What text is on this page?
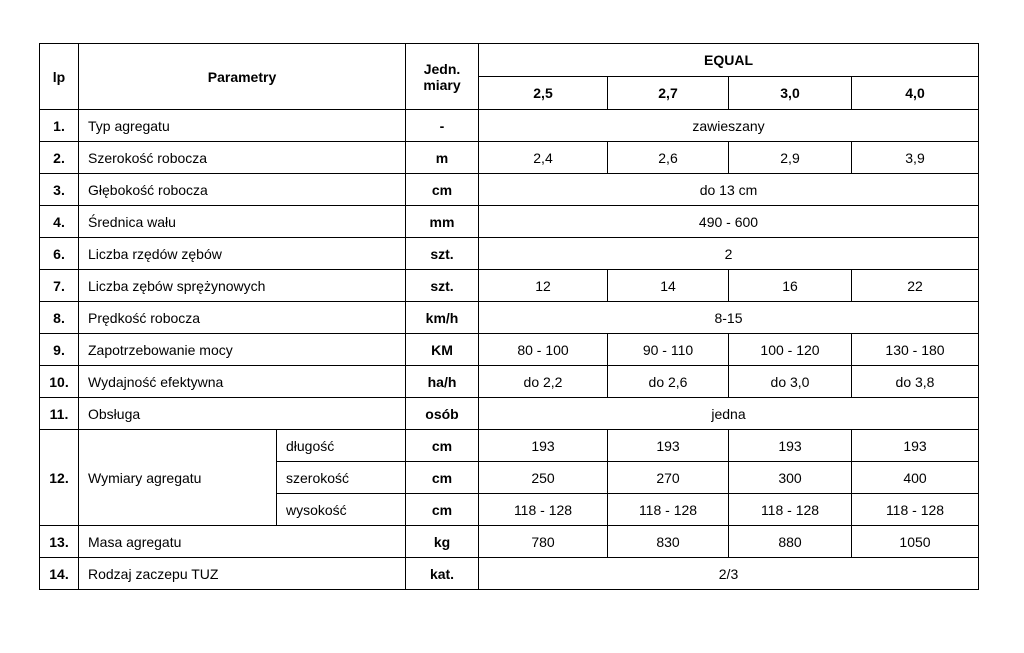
lp	Parametry		Jedn. miary	EQUAL			
				2,5	2,7	3,0	4,0
1.	Typ agregatu		-	zawieszany			
2.	Szerokość robocza		m	2,4	2,6	2,9	3,9
3.	Głębokość robocza		cm	do 13 cm			
4.	Średnica wału		mm	490 - 600			
6.	Liczba rzędów zębów		szt.	2			
7.	Liczba zębów sprężynowych		szt.	12	14	16	22
8.	Prędkość robocza		km/h	8-15			
9.	Zapotrzebowanie mocy		KM	80 - 100	90 - 110	100 - 120	130 - 180
10.	Wydajność efektywna		ha/h	do 2,2	do 2,6	do 3,0	do 3,8
11.	Obsługa		osób	jedna			
12.	Wymiary agregatu	długość	cm	193	193	193	193
		szerokość	cm	250	270	300	400
		wysokość	cm	118 - 128	118 - 128	118 - 128	118 - 128
13.	Masa agregatu		kg	780	830	880	1050
14.	Rodzaj zaczepu TUZ		kat.	2/3			
